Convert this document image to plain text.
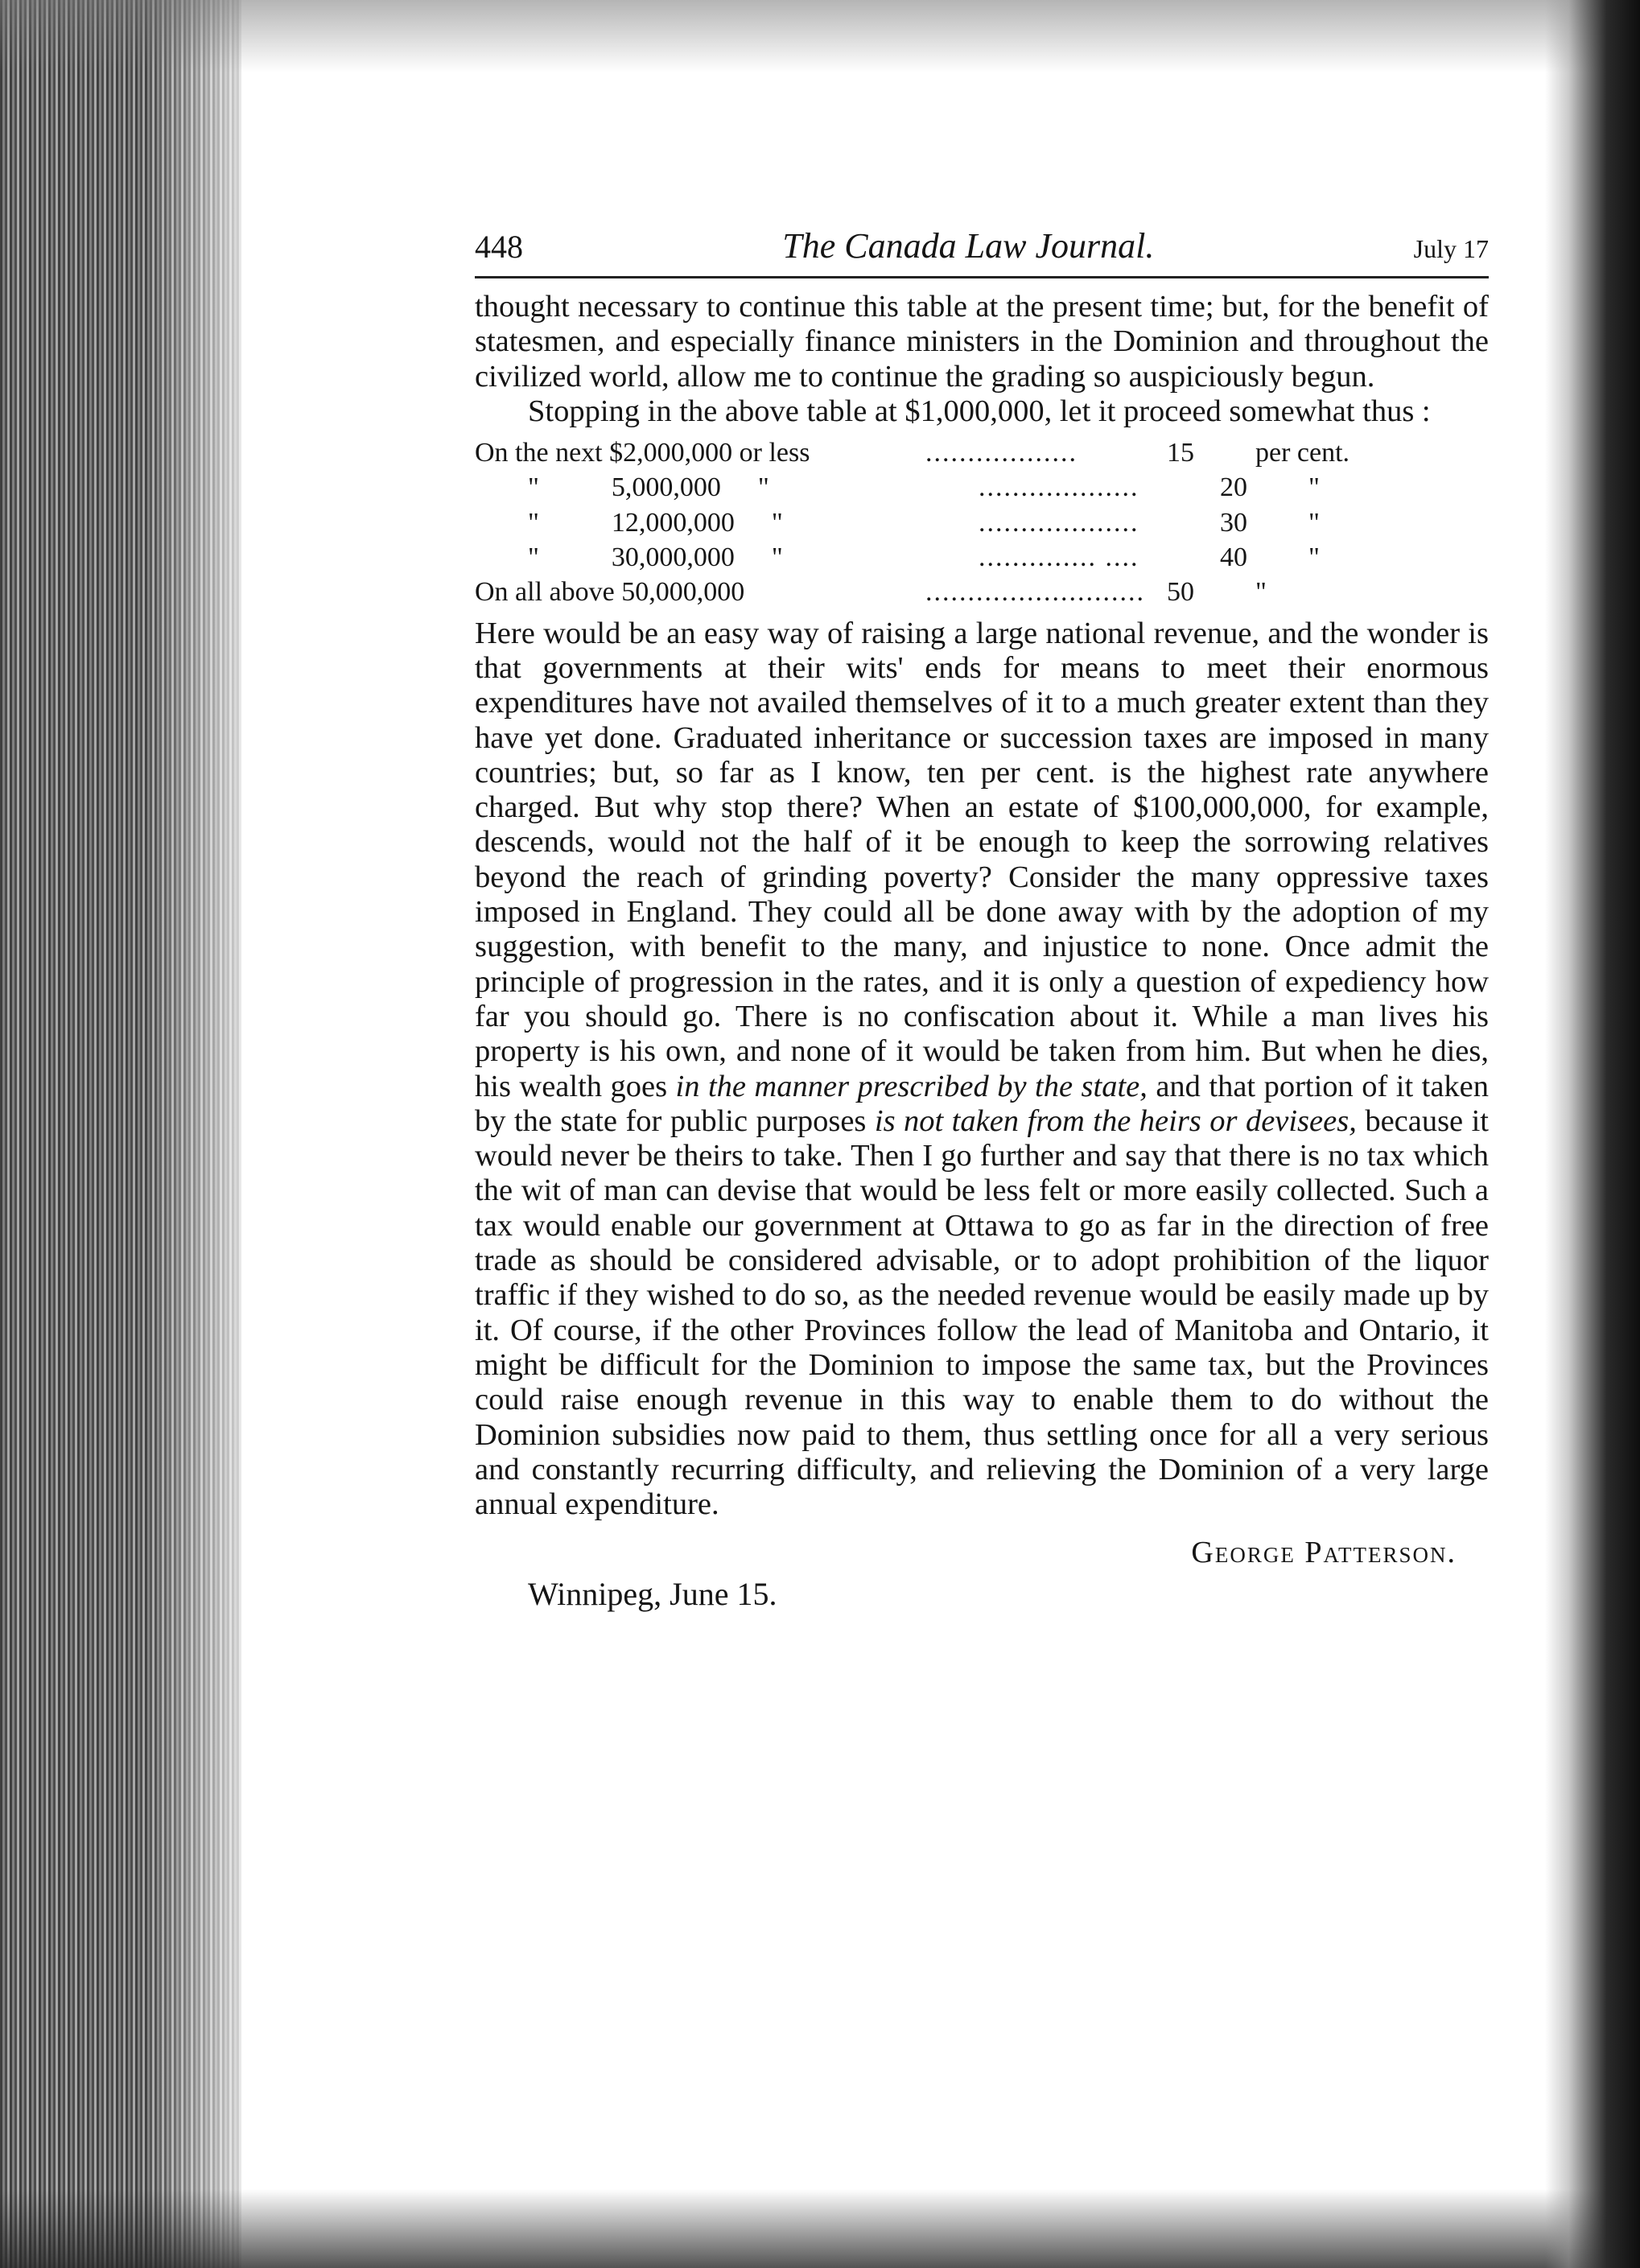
448	The Canada Law Journal.	July 17

thought necessary to continue this table at the present time; but, for the benefit of statesmen, and especially finance ministers in the Dominion and throughout the civilized world, allow me to continue the grading so auspiciously begun.

Stopping in the above table at $1,000,000, let it proceed somewhat thus :

On the next $2,000,000 or less	..................	15	per cent.
"	5,000,000 "	...................	20	"
"	12,000,000 "	...................	30	"
"	30,000,000 "	.............. ....	40	"
On all above 50,000,000	.......................... 50	"

Here would be an easy way of raising a large national revenue, and the wonder is that governments at their wits' ends for means to meet their enormous expenditures have not availed themselves of it to a much greater extent than they have yet done. Graduated inheritance or succession taxes are imposed in many countries; but, so far as I know, ten per cent. is the highest rate anywhere charged. But why stop there? When an estate of $100,000,000, for example, descends, would not the half of it be enough to keep the sorrowing relatives beyond the reach of grinding poverty? Consider the many oppressive taxes imposed in England. They could all be done away with by the adoption of my suggestion, with benefit to the many, and injustice to none. Once admit the principle of progression in the rates, and it is only a question of expediency how far you should go. There is no confiscation about it. While a man lives his property is his own, and none of it would be taken from him. But when he dies, his wealth goes in the manner prescribed by the state, and that portion of it taken by the state for public purposes is not taken from the heirs or devisees, because it would never be theirs to take. Then I go further and say that there is no tax which the wit of man can devise that would be less felt or more easily collected. Such a tax would enable our government at Ottawa to go as far in the direction of free trade as should be considered advisable, or to adopt prohibition of the liquor traffic if they wished to do so, as the needed revenue would be easily made up by it. Of course, if the other Provinces follow the lead of Manitoba and Ontario, it might be difficult for the Dominion to impose the same tax, but the Provinces could raise enough revenue in this way to enable them to do without the Dominion subsidies now paid to them, thus settling once for all a very serious and constantly recurring difficulty, and relieving the Dominion of a very large annual expenditure.

George Patterson.
Winnipeg, June 15.
